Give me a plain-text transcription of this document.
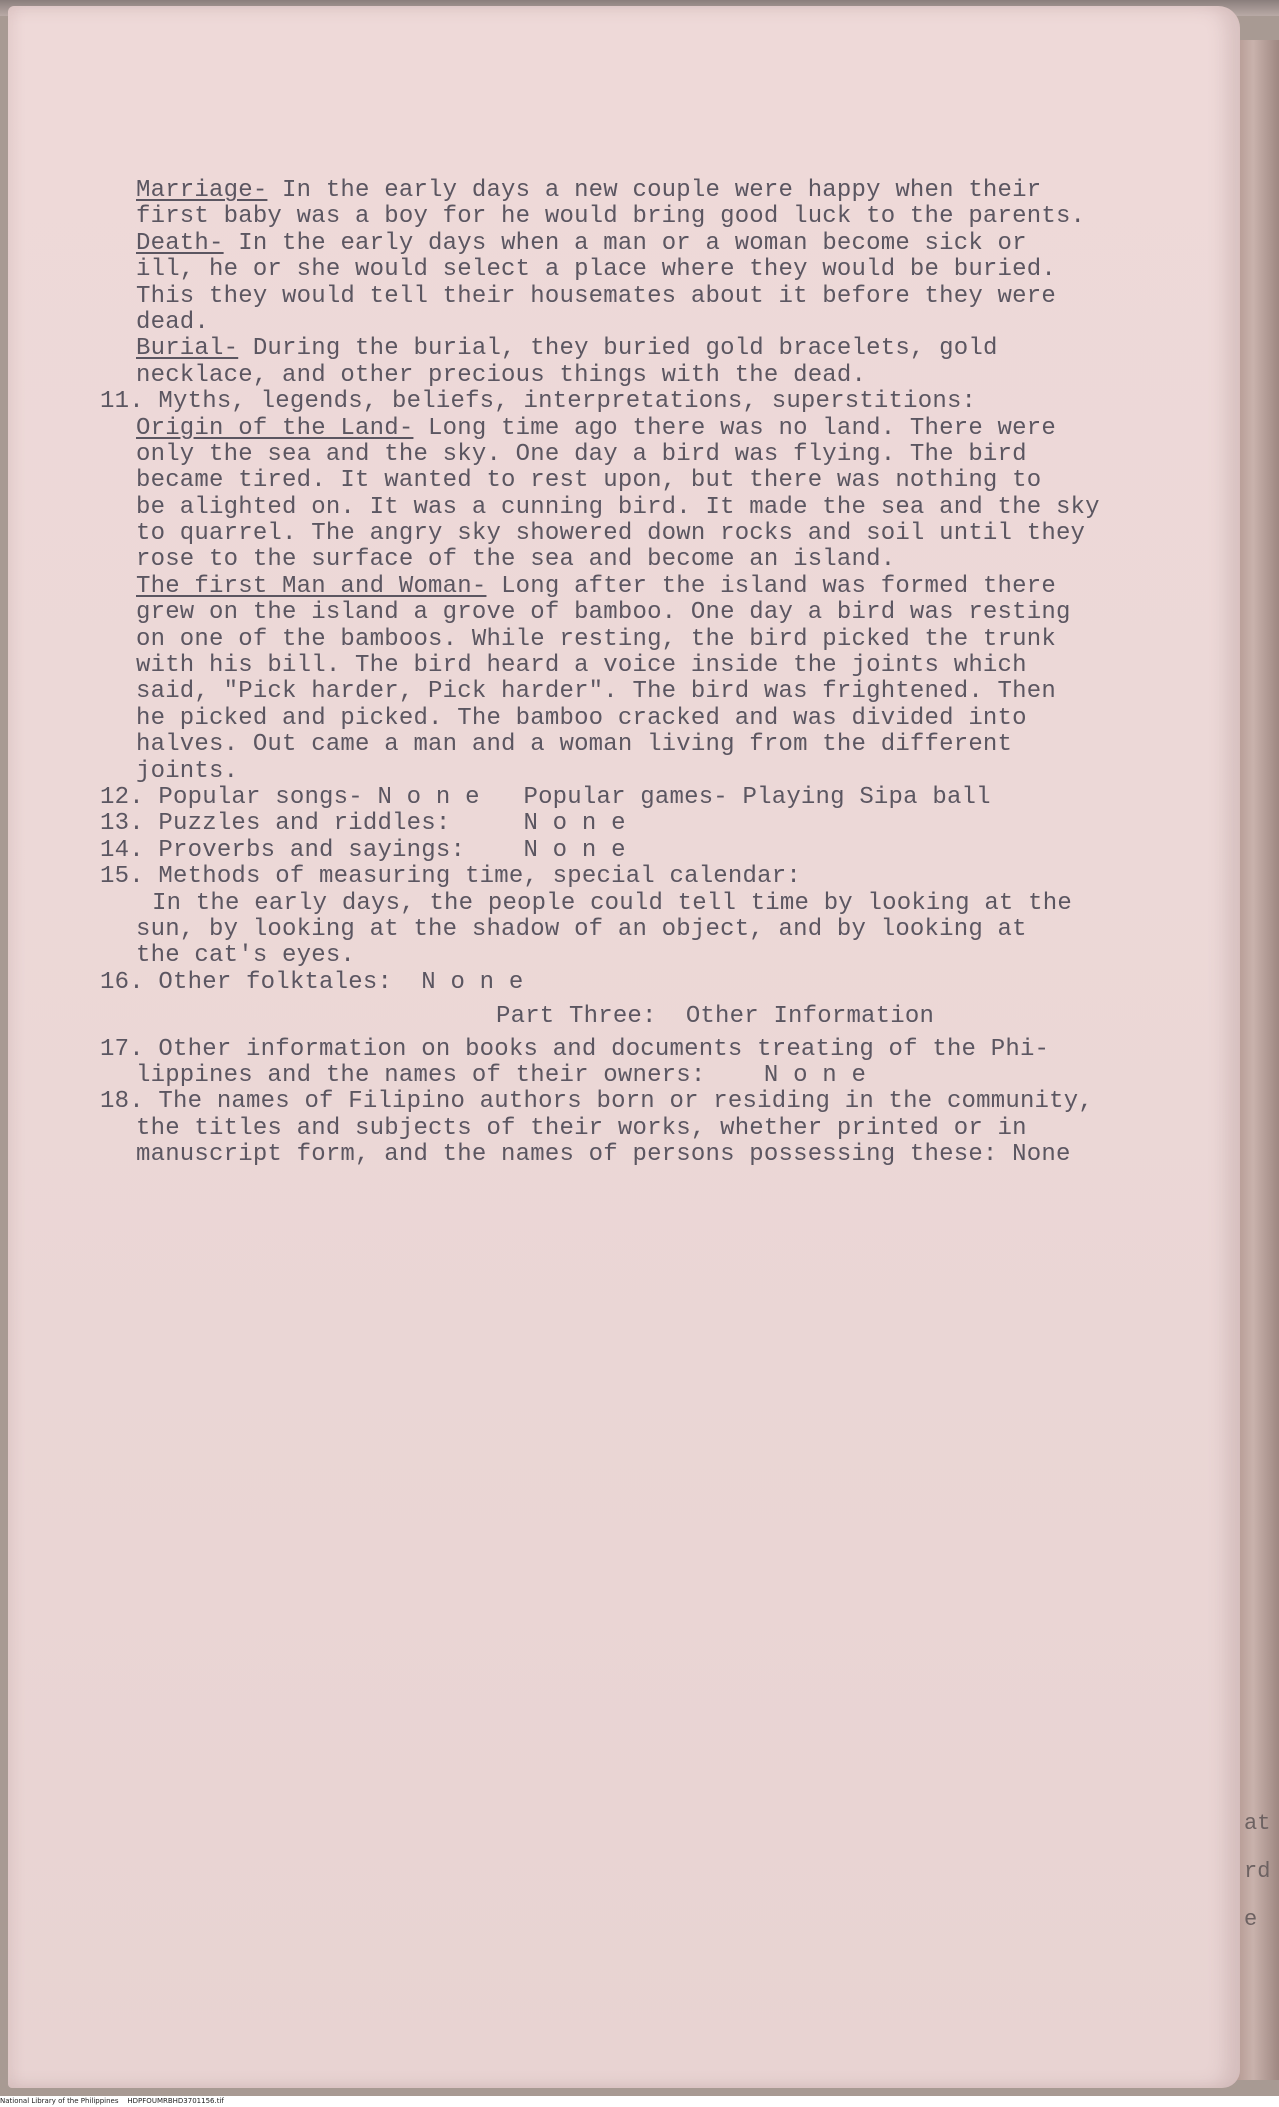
at
rd
e
Marriage- In the early days a new couple were happy when their
first baby was a boy for he would bring good luck to the parents.
Death- In the early days when a man or a woman become sick or
ill, he or she would select a place where they would be buried.
This they would tell their housemates about it before they were
dead.
Burial- During the burial, they buried gold bracelets, gold
necklace, and other precious things with the dead.
11. Myths, legends, beliefs, interpretations, superstitions:
Origin of the Land- Long time ago there was no land. There were
only the sea and the sky. One day a bird was flying. The bird
became tired. It wanted to rest upon, but there was nothing to
be alighted on. It was a cunning bird. It made the sea and the sky
to quarrel. The angry sky showered down rocks and soil until they
rose to the surface of the sea and become an island.
The first Man and Woman- Long after the island was formed there
grew on the island a grove of bamboo. One day a bird was resting
on one of the bamboos. While resting, the bird picked the trunk
with his bill. The bird heard a voice inside the joints which
said, "Pick harder, Pick harder". The bird was frightened. Then
he picked and picked. The bamboo cracked and was divided into
halves. Out came a man and a woman living from the different
joints.
12. Popular songs- N o n e   Popular games- Playing Sipa ball
13. Puzzles and riddles:     N o n e
14. Proverbs and sayings:    N o n e
15. Methods of measuring time, special calendar:
In the early days, the people could tell time by looking at the
sun, by looking at the shadow of an object, and by looking at
the cat's eyes.
16. Other folktales:  N o n e
Part Three:  Other Information
17. Other information on books and documents treating of the Phi-
lippines and the names of their owners:    N o n e
18. The names of Filipino authors born or residing in the community,
the titles and subjects of their works, whether printed or in
manuscript form, and the names of persons possessing these: None
National Library of the Philippines HDPFOUMRBHD3701156.tif
